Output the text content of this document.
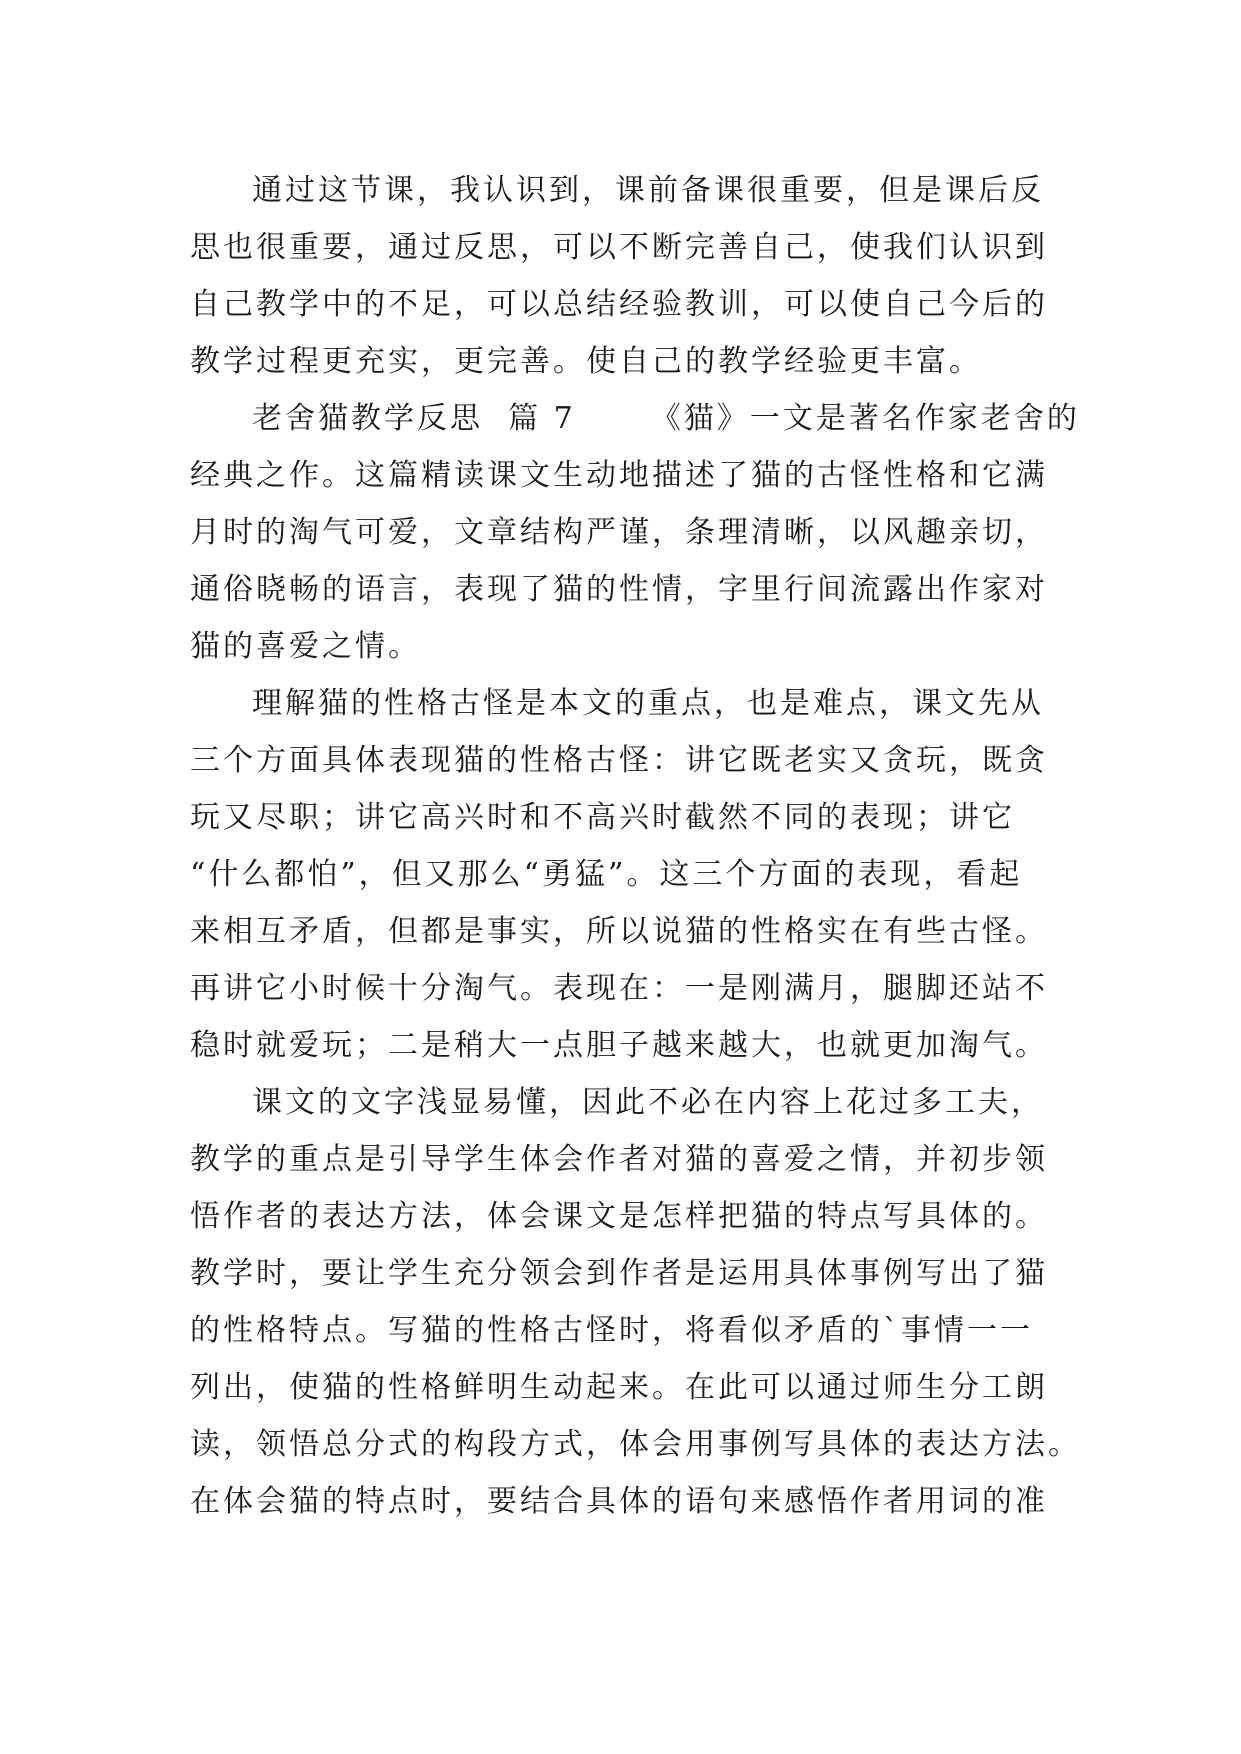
通过这节课，我认识到，课前备课很重要，但是课后反
思也很重要，通过反思，可以不断完善自己，使我们认识到
自己教学中的不足，可以总结经验教训，可以使自己今后的
教学过程更充实，更完善。使自己的教学经验更丰富。
老舍猫教学反思  篇 7      《猫》一文是著名作家老舍的
经典之作。这篇精读课文生动地描述了猫的古怪性格和它满
月时的淘气可爱，文章结构严谨，条理清晰，以风趣亲切，
通俗晓畅的语言，表现了猫的性情，字里行间流露出作家对
猫的喜爱之情。
理解猫的性格古怪是本文的重点，也是难点，课文先从
三个方面具体表现猫的性格古怪：讲它既老实又贪玩，既贪
玩又尽职；讲它高兴时和不高兴时截然不同的表现；讲它
“什么都怕”，但又那么“勇猛”。这三个方面的表现，看起
来相互矛盾，但都是事实，所以说猫的性格实在有些古怪。
再讲它小时候十分淘气。表现在：一是刚满月，腿脚还站不
稳时就爱玩；二是稍大一点胆子越来越大，也就更加淘气。
课文的文字浅显易懂，因此不必在内容上花过多工夫，
教学的重点是引导学生体会作者对猫的喜爱之情，并初步领
悟作者的表达方法，体会课文是怎样把猫的特点写具体的。
教学时，要让学生充分领会到作者是运用具体事例写出了猫
的性格特点。写猫的性格古怪时，将看似矛盾的`事情一一
列出，使猫的性格鲜明生动起来。在此可以通过师生分工朗
读，领悟总分式的构段方式，体会用事例写具体的表达方法。
在体会猫的特点时，要结合具体的语句来感悟作者用词的准
